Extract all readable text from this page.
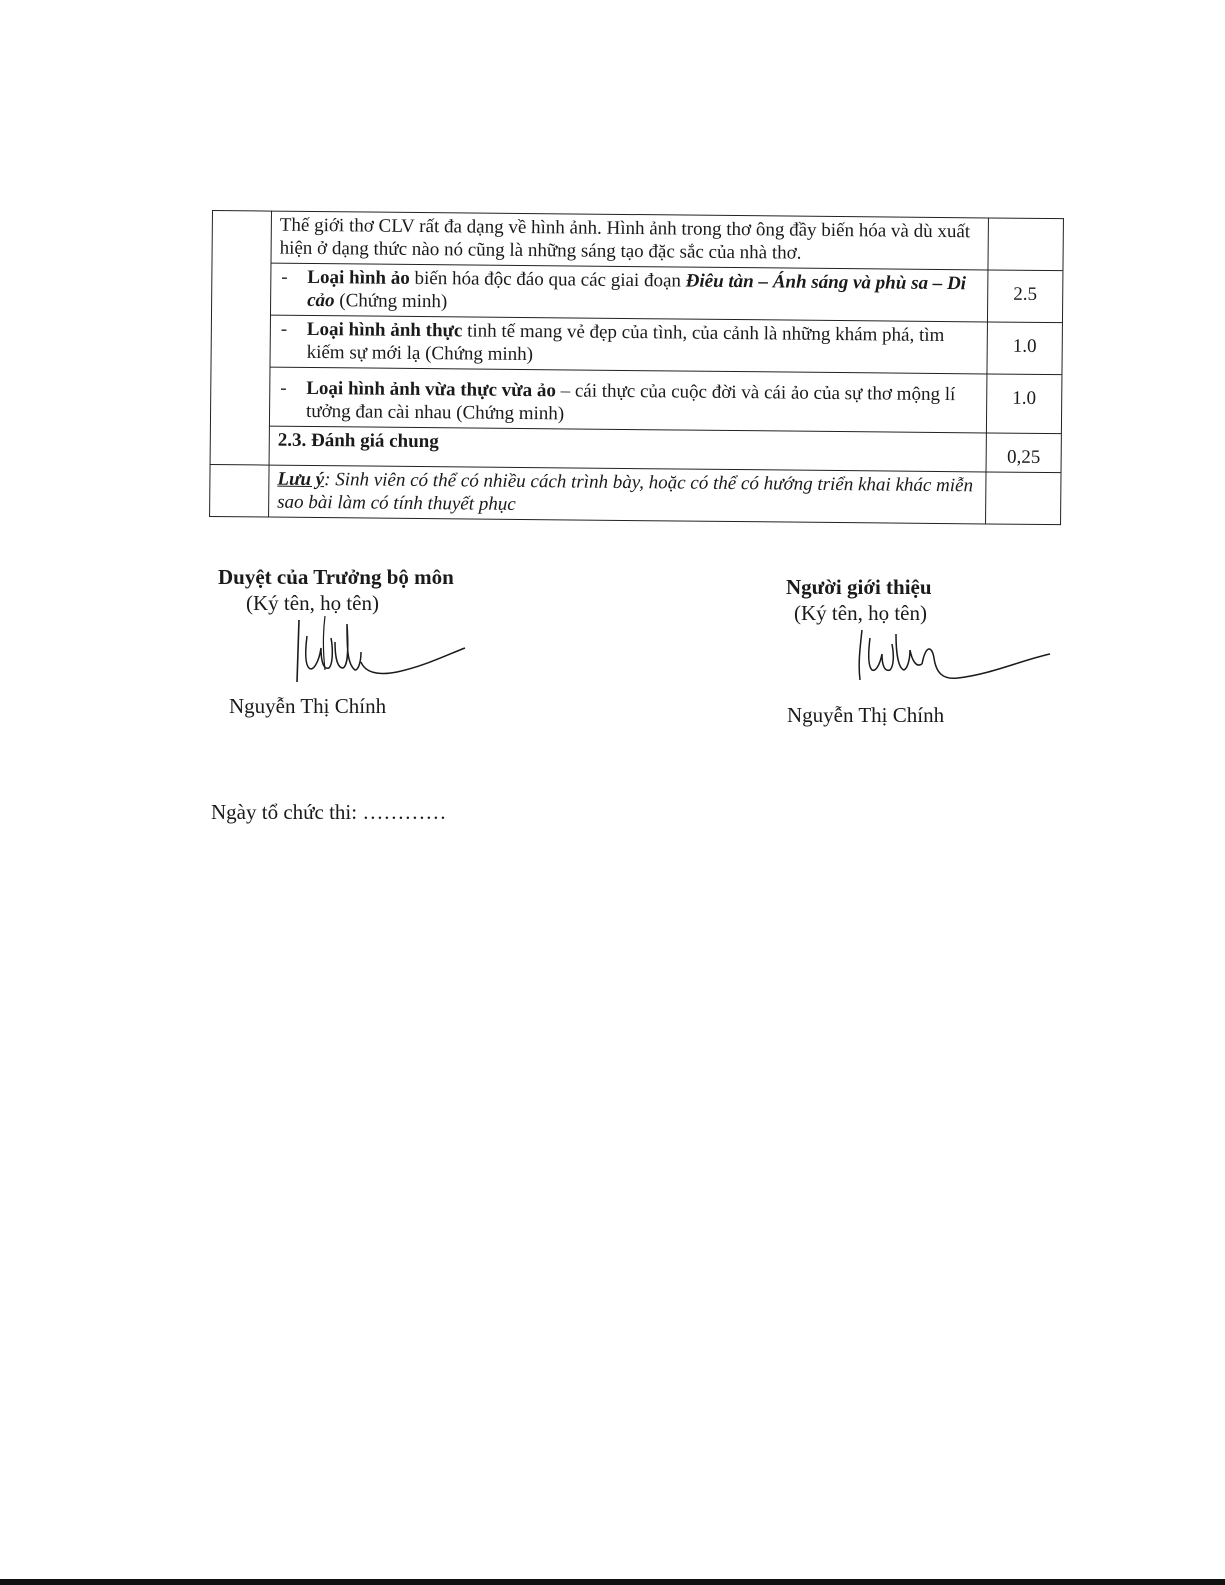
	Thế giới thơ CLV rất đa dạng về hình ảnh. Hình ảnh trong thơ ông đầy biến hóa và dù xuất hiện ở dạng thức nào nó cũng là những sáng tạo đặc sắc của nhà thơ.	
	- Loại hình ảo biến hóa độc đáo qua các giai đoạn Điêu tàn – Ánh sáng và phù sa – Di cảo (Chứng minh)	2.5
	- Loại hình ảnh thực tinh tế mang vẻ đẹp của tình, của cảnh là những khám phá, tìm kiếm sự mới lạ (Chứng minh)	1.0
	- Loại hình ảnh vừa thực vừa ảo – cái thực của cuộc đời và cái ảo của sự thơ mộng lí tưởng đan cài nhau (Chứng minh)	1.0
	2.3. Đánh giá chung	0,25
	Lưu ý: Sinh viên có thể có nhiều cách trình bày, hoặc có thể có hướng triển khai khác miễn sao bài làm có tính thuyết phục	
Duyệt của Trưởng bộ môn
(Ký tên, họ tên)
Nguyễn Thị Chính
Người giới thiệu
(Ký tên, họ tên)
Nguyễn Thị Chính
Ngày tổ chức thi: …………
